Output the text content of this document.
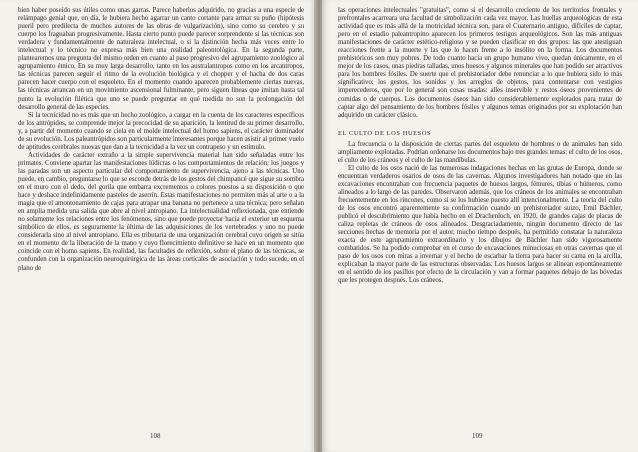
bien haber poseído sus útiles como unas garras. Parece haberlos adquirido, no gracias a una especie de relámpago genial que, un día, le hubiera hecho agarrar un canto cortante para armar su puño (hipótesis pueril pero predilecta de muchos autores de las obras de vulgarización), sino como su cerebro y su cuerpo los fraguaban progresivamente. Hasta cierto punto puede parecer sorprendente si las técnicas son verdadera y fundamentalmente de naturaleza intelectual, o si la distinción hecha más veces entre lo intelectual y lo técnico no expresa más bien una realidad paleontológica. En la segunda parte, plantearemos una pregunta del mismo orden en cuanto al paso progresivo del agrupamiento zoológico al agrupamiento étnico. En su muy larga desarrollo, tanto en los australantropos como en los arcantropos, las técnicas parecen seguir el ritmo de la evolución biológica y el chopper y el hacha de dos caras parecen hacer cuerpo con el esqueleto. En el momento cuando aparecen probablemente ciertas nuevas, las técnicas arrancan en un movimiento ascensional fulminante, pero siguen líneas que imitan hasta tal punto la evolución filética que uno se puede preguntar en qué medida no son la prolongación del desarrollo general de las especies.

Si la tecnicidad no es más que un hecho zoológico, a cargar en la cuenta de los caracteres específicos de los antrópidos, se comprende mejor la precocidad de su aparición, la lentitud de su primer desarrollo, y, a partir del momento cuando se ciela en el molde intelectual del homo sapiens, el carácter dominador de su evolución. Los paleantrópidos son particularmente interesantes porque hacen asistir al primer vuelo de aptitudes cerebrales nuevas que dan a la tecnicidad a la vez un contrapeso y un estímulo.

Actividades de carácter extraño a la simple supervivencia material han sido señaladas entre los primates. Conviene apartar las manifestaciones lúdicras o los comportamientos de relación: los juegos y las paradas son un aspecto particular del comportamiento de supervivencia, ajeno a las técnicas. Uno puede, en cambio, preguntarse lo que se esconde detrás de los gestos del chimpancé que sigue su sombra en el muro con el dedo, del gorila que embarra excrementos o colores puestos a su disposición o que hace y deshace indefinidamente pasteles de aserrín. Estas manifestaciones no permiten más al arte o a la magia que el amontonamiento de cajas para atrapar una banana no pertenece a una técnica; pero señalan en amplia medida una salida que abre al nivel antropiano. La intelectualidad reflexionada, que entiende no solamente los relaciones entre los fenómenos, sino que puede proyectar hacia el exterior un esquema simbólico de ellos, es seguramente la última de las adquisiciones de los vertebrados y uno no puede considerarla sino al nivel antropiano. Ella es tributaria de una organización cerebral cuyo origen se sitúa en el momento de la liberación de la mano y cuyo florecimiento definitivo se hace en un momento que coincide con el homo sapiens. En realidad, las facultades de reflexión, sobre el plano de las técnicas, se confunden con la organización neuroquirúrgica de las áreas corticales de asociación y todo sucede, en el plano de

108

las operaciones intelectuales "gratuitas", como si el desarrollo creciente de los territorios frontales y prefrontales acarreara una facultad de simbolización cada vez mayor. Las huellas arqueológicas de esta actividad que es más allá de la motricidad técnica son, para el Cuaternario antiguo, difíciles de captar, pero en el estadio paleantropino aparecen los primeros testigos arqueológicos. Son las más antiguas manifestaciones de carácter estético-religioso y se pueden clasificar en dos grupos: las que atestiguan reacciones frente a la muerte y las que lo hacen frente a lo insólito en la forma. Los documentos prehistóricos son muy pobres. De todo cuanto hacia un grupo humano vivo, quedan únicamente, en el mejor de los casos, unas piedras talladas, unos huesos y algunos minerales que han podido ser atractivos para los hombres fósiles. De suerte que el prehistoriador debe renunciar a lo que hubiera sido lo más significativo: los gestos, los sonidos y los arreglos de objetos, para contentarse con vestigios imperecederos, que por lo general son cosas usadas: alles inservible y restos óseos provenientes de comidas o de cuerpos. Los documentos óseos han sido considerablemente explotados para tratar de captar algo del pensamiento de los hombres fósiles y algunos temas originados por su explotación han adquirido un carácter clásico.

EL CULTO DE LOS HUESOS

La frecuencia o la disposición de ciertas partes del esqueleto de hombres o de animales han sido ampliamente explotadas. Podrían ordenarse los documentos bajo tres grandes temas: el culto de los osos, el culto de los cráneos y el culto de las mandíbulas.

El culto de los osos nació de las numerosas indagaciones hechas en las grutas de Europa, donde se encuentran verdaderos osarios de osos de las cavernas. Algunos investigadores han notado que en las excavaciones encontraban con frecuencia paquetes de huesos largos, fémures, tibias o húmeros, como alineados a lo largo de las paredes. Observaron además, que los cráneos de los animales se encontraban frecuentemente en los rincones, como si se los hubiese puesto allí intencionalmente. La teoría del culto de los osos encontró aparentemente su confirmación cuando un prehistoriador suizo, Emil Bächler, publicó el descubrimiento que había hecho en el Drachenloch, en 1920, de grandes cajas de placas de caliza repletas de cráneos de osos alineados. Desgraciadamente, ningún documento directo de las secciones hechas de memoria por el autor, mucho tiempo después, ha permitido constatar la naturaleza exacta de este agrupamiento extraordinario y los dibujos de Bächler han sido vigorosamente combatidos. Se ha podido comprobar en el curso de excavaciones minuciosas en otras cavernas que el paso de los osos con miras a invernar y el hecho de escarbar la tierra para hacer su cama en la arcilla, explicaban la mayor parte de las estructuras observadas. Los huesos largos se alinean espontáneamente en el sentido de los pasillos por efecto de la circulación y van a formar paquetes debajo de las bóvedas que les protegen después. Los cráneos,

109
